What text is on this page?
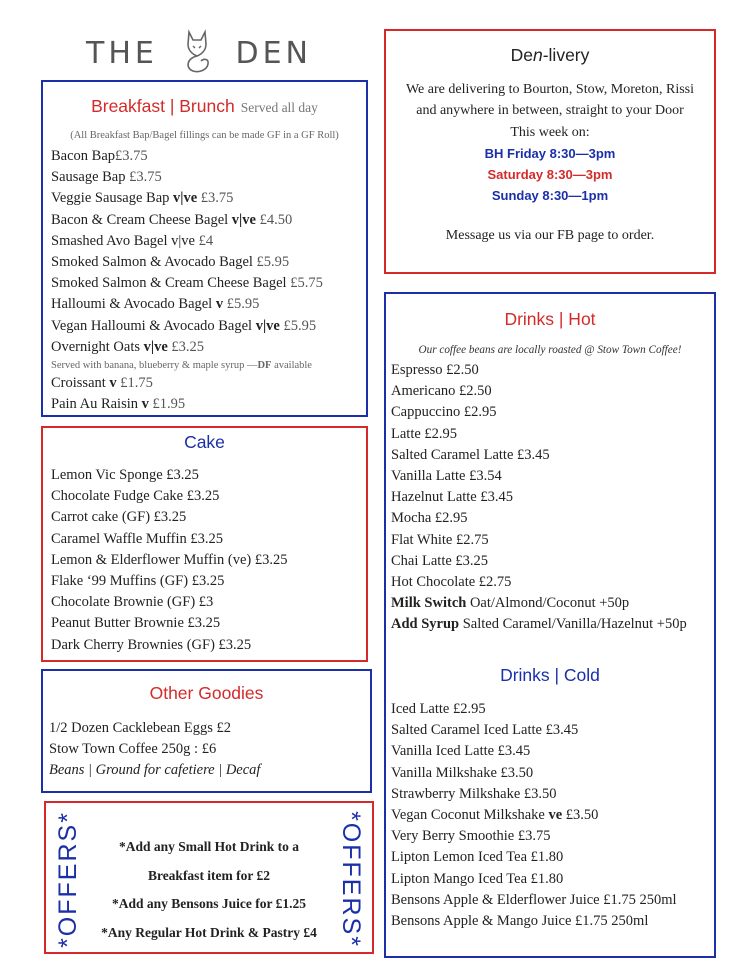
THE	DEN
Breakfast | Brunch Served all day
(All Breakfast Bap/Bagel fillings can be made GF in a GF Roll)
Bacon Bap£3.75
Sausage Bap £3.75
Veggie Sausage Bap v|ve £3.75
Bacon & Cream Cheese Bagel v|ve £4.50
Smashed Avo Bagel v|ve £4
Smoked Salmon & Avocado Bagel £5.95
Smoked Salmon & Cream Cheese Bagel £5.75
Halloumi & Avocado Bagel v £5.95
Vegan Halloumi & Avocado Bagel v|ve £5.95
Overnight Oats v|ve £3.25
Served with banana, blueberry & maple syrup —DF available
Croissant v £1.75
Pain Au Raisin v £1.95
Cake
Lemon Vic Sponge £3.25
Chocolate Fudge Cake £3.25
Carrot cake (GF) £3.25
Caramel Waffle Muffin £3.25
Lemon & Elderflower Muffin (ve) £3.25
Flake ‘99 Muffins (GF) £3.25
Chocolate Brownie (GF) £3
Peanut Butter Brownie £3.25
Dark Cherry Brownies (GF) £3.25
Other Goodies
1/2 Dozen Cacklebean Eggs £2
Stow Town Coffee 250g : £6
Beans | Ground for cafetiere | Decaf
*OFFERS*	*Add any Small Hot Drink to a
Breakfast item for £2
*Add any Bensons Juice for £1.25
*Any Regular Hot Drink & Pastry £4 *OFFERS*
Den-livery
We are delivering to Bourton, Stow, Moreton, Rissi
and anywhere in between, straight to your Door
This week on:
BH Friday 8:30—3pm
Saturday 8:30—3pm
Sunday 8:30—1pm
Message us via our FB page to order.
Drinks | Hot
Our coffee beans are locally roasted @ Stow Town Coffee!
Espresso £2.50
Americano £2.50
Cappuccino £2.95
Latte £2.95
Salted Caramel Latte £3.45
Vanilla Latte £3.54
Hazelnut Latte £3.45
Mocha £2.95
Flat White £2.75
Chai Latte £3.25
Hot Chocolate £2.75
Milk Switch Oat/Almond/Coconut +50p
Add Syrup Salted Caramel/Vanilla/Hazelnut +50p
Drinks | Cold
Iced Latte £2.95
Salted Caramel Iced Latte £3.45
Vanilla Iced Latte £3.45
Vanilla Milkshake £3.50
Strawberry Milkshake £3.50
Vegan Coconut Milkshake ve £3.50
Very Berry Smoothie £3.75
Lipton Lemon Iced Tea £1.80
Lipton Mango Iced Tea £1.80
Bensons Apple & Elderflower Juice £1.75 250ml
Bensons Apple & Mango Juice £1.75 250ml
